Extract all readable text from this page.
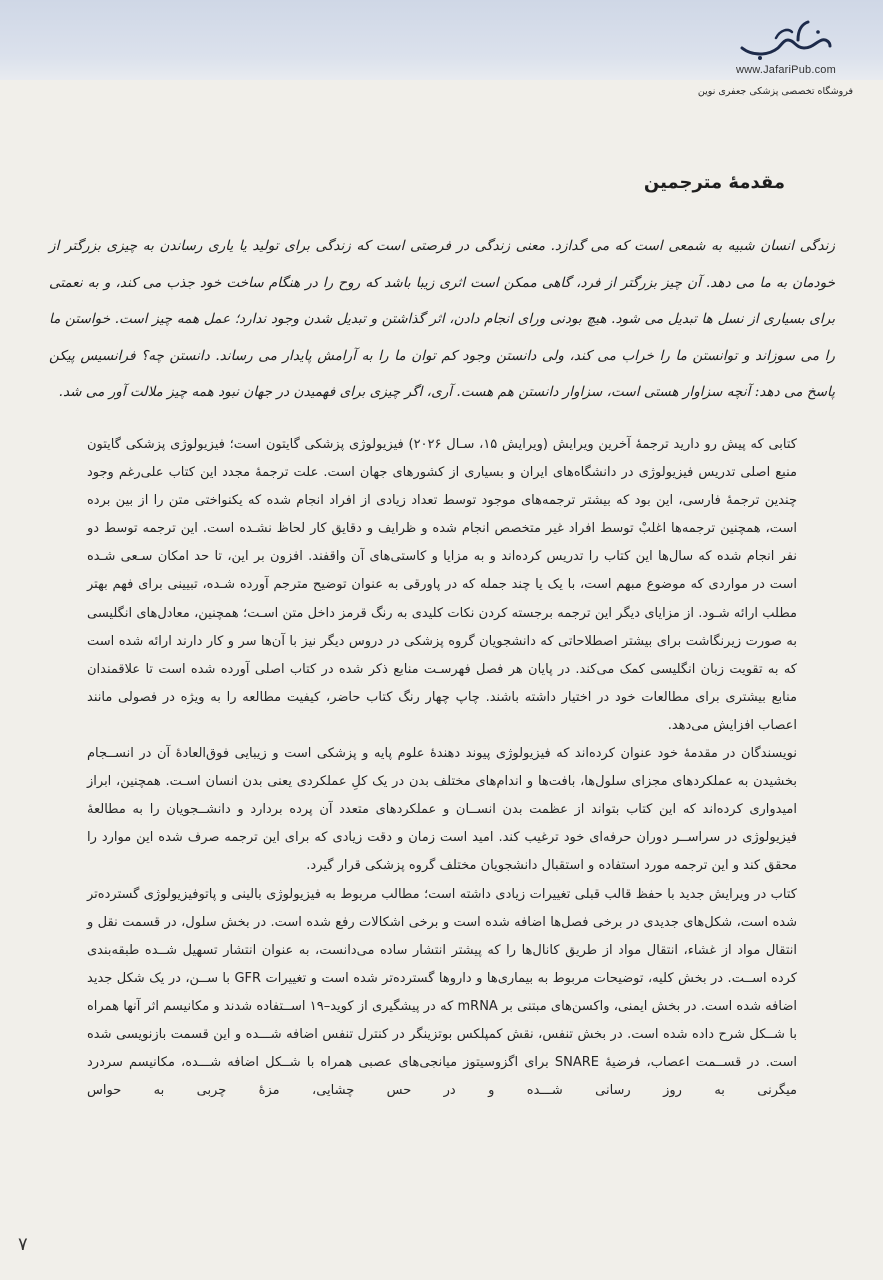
www.JafariPub.com
فروشگاه تخصصی پزشکی جعفری نوین
مقدمهٔ مترجمین
زندگی انسان شبیه به شمعی است که می گدازد. معنی زندگی در فرصتی است که زندگی برای تولید یا یاری رساندن به چیزی بزرگتر از خودمان به ما می دهد. آن چیز بزرگتر از فرد، گاهی ممکن است اثری زیبا باشد که روح را در هنگام ساخت خود جذب می کند، و به نعمتی برای بسیاری از نسل ها تبدیل می شود. هیچ بودنی ورای انجام دادن، اثر گذاشتن و تبدیل شدن وجود ندارد؛ عمل همه چیز است. خواستن ما را می سوزاند و توانستن ما را خراب می کند، ولی دانستن وجود کم توان ما را به آرامش پایدار می رساند. دانستن چه؟ فرانسیس پیکن پاسخ می دهد: آنچه سزاوار هستی است، سزاوار دانستن هم هست. آری، اگر چیزی برای فهمیدن در جهان نبود همه چیز ملالت آور می شد.

کتابی که پیش رو دارید ترجمهٔ آخرین ویرایش (ویرایش ۱۵، سـال ۲۰۲۶) فیزیولوژی پزشکی گایتون است؛ فیزیولوژی پزشکی گایتون منبع اصلی تدریس فیزیولوژی در دانشگاه‌های ایران و بسیاری از کشورهای جهان است. علت ترجمهٔ مجدد این کتاب علی‌رغم وجود چندین ترجمهٔ فارسی، این بود که بیشتر ترجمه‌های موجود توسط تعداد زیادی از افراد انجام شده که یکنواختی متن را از بین برده است، همچنین ترجمه‌ها اغلبْ توسط افراد غیر متخصص انجام شده و ظرایف و دقایق کار لحاظ نشـده است. این ترجمه توسط دو نفر انجام شده که سال‌ها این کتاب را تدریس کرده‌اند و به مزایا و کاستی‌های آن واقفند. افزون بر این، تا حد امکان سـعی شـده است در مواردی که موضوع مبهم است، با یک یا چند جمله که در پاورقی به عنوان توضیح مترجم آورده شـده، تبیینی برای فهم بهتر مطلب ارائه شـود. از مزایای دیگر این ترجمه برجسته کردن نکات کلیدی به رنگ قرمز داخل متن اسـت؛ همچنین، معادل‌های انگلیسی به صورت زیرنگاشت برای بیشتر اصطلاحاتی که دانشجویان گروه پزشکی در دروس دیگر نیز با آن‌ها سر و کار دارند ارائه شده است که به تقویت زبان انگلیسی کمک می‌کند. در پایان هر فصل فهرسـت منابع ذکر شده در کتاب اصلی آورده شده است تا علاقمندان منابع بیشتری برای مطالعات خود در اختیار داشته باشند. چاپ چهار رنگ کتاب حاضر، کیفیت مطالعه را به ویژه در فصولی مانند اعصاب افزایش می‌دهد.

نویسندگان در مقدمهٔ خود عنوان کرده‌اند که فیزیولوژی پیوند دهندهٔ علوم پایه و پزشکی است و زیبایی فوق‌العادهٔ آن در انســجام بخشیدن به عملکردهای مجزای سلول‌ها، بافت‌ها و اندام‌های مختلف بدن در یک کلِ عملکردی یعنی بدن انسان اسـت. همچنین، ابراز امیدواری کرده‌اند که این کتاب بتواند از عظمت بدن انســان و عملکردهای متعدد آن پرده بردارد و دانشــجویان را به مطالعهٔ فیزیولوژی در سراســر دوران حرفه‌ای خود ترغیب کند. امید است زمان و دقت زیادی که برای این ترجمه صرف شده این موارد را محقق کند و این ترجمه مورد استفاده و استقبال دانشجویان مختلف گروه پزشکی قرار گیرد.

کتاب در ویرایش جدید با حفظ قالب قبلی تغییرات زیادی داشته است؛ مطالب مربوط به فیزیولوژی بالینی و پاتوفیزیولوژی گسترده‌تر شده است، شکل‌های جدیدی در برخی فصل‌ها اضافه شده است و برخی اشکالات رفع شده است. در بخش سلول، در قسمت نقل و انتقال مواد از غشاء، انتقال مواد از طریق کانال‌ها را که پیشتر انتشار ساده می‌دانست، به عنوان انتشار تسهیل شــده طبقه‌بندی کرده اســت. در بخش کلیه، توضیحات مربوط به بیماری‌ها و داروها گسترده‌تر شده است و تغییرات GFR با ســن، در یک شکل جدید اضافه شده است. در بخش ایمنی، واکسن‌های مبتنی بر mRNA که در پیشگیری از کوید–۱۹ اســتفاده شدند و مکانیسم اثر آنها همراه با شــکل شرح داده شده است. در بخش تنفس، نقش کمپلکس بوتزینگر در کنترل تنفس اضافه شـــده و این قسمت بازنویسی شده است. در قســمت اعصاب، فرضیهٔ SNARE برای اگزوسیتوز میانجی‌های عصبی همراه با شــکل اضافه شـــده، مکانیسم سردرد میگرنی به روز رسانی شـــده و در حس چشایی، مزهٔ چربی به حواس

۷
